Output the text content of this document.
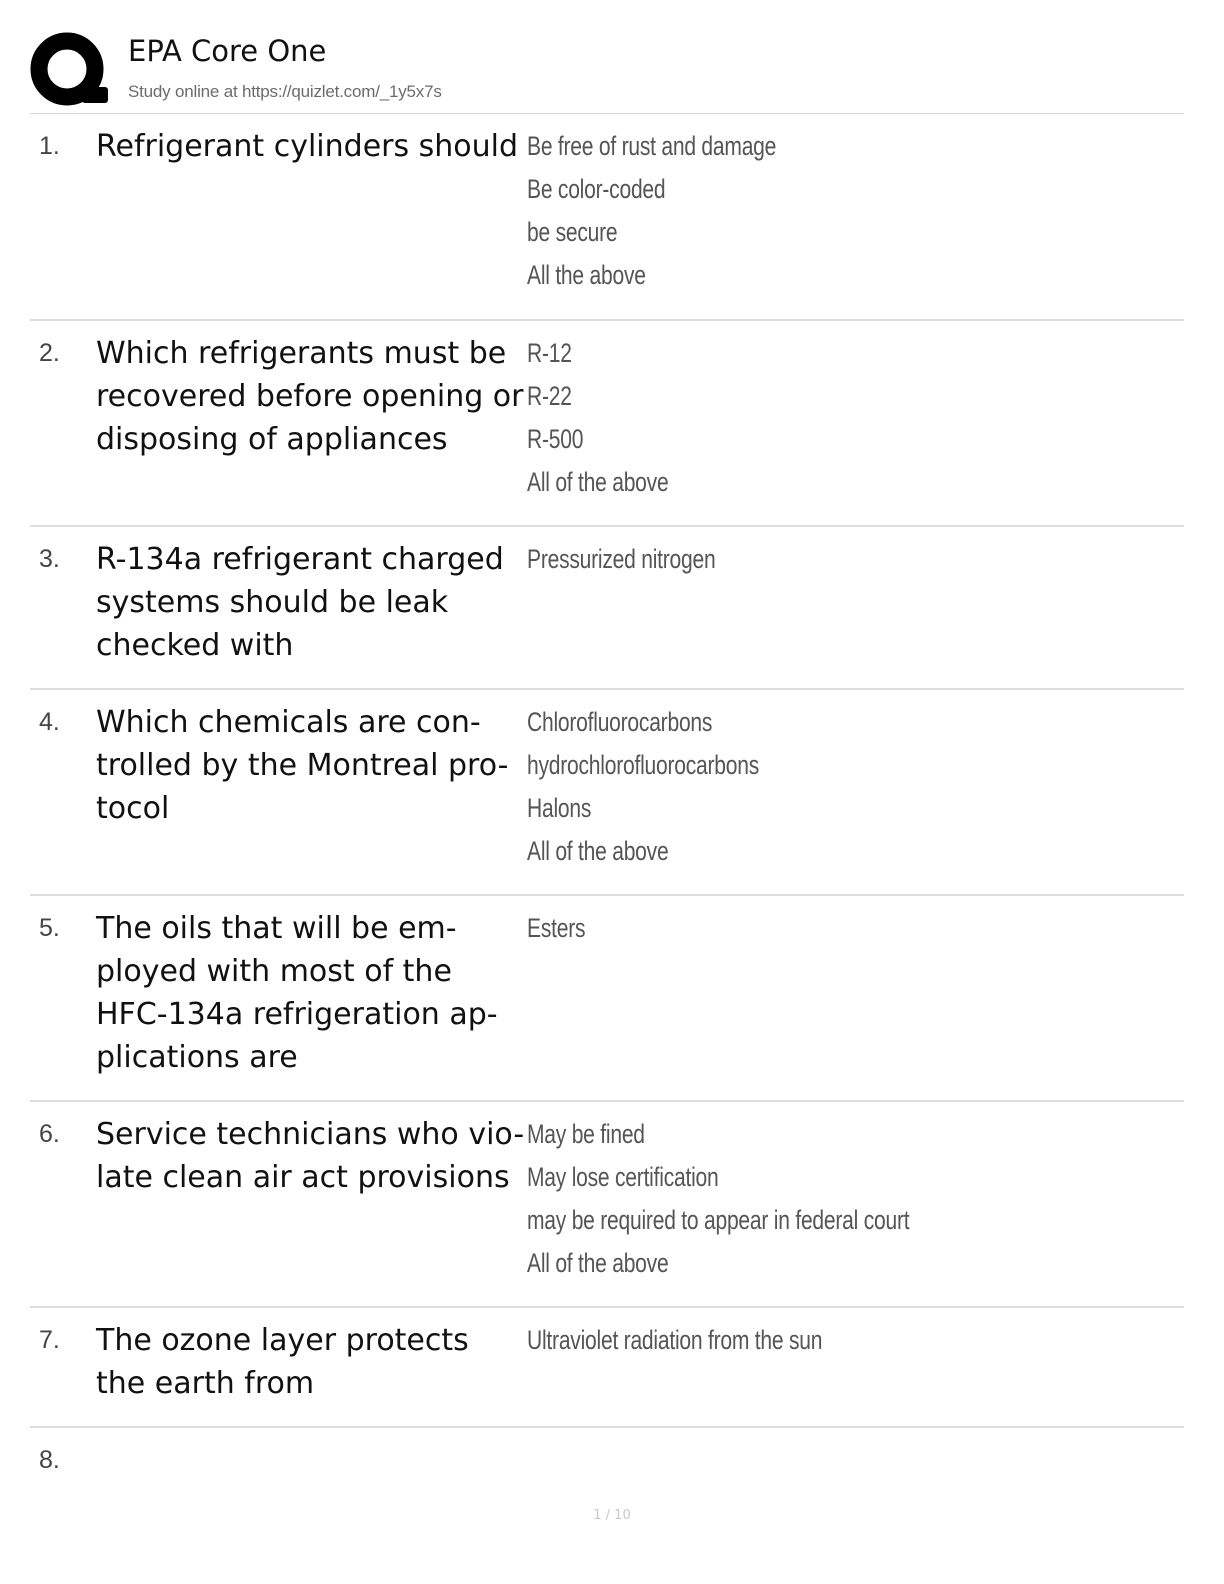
EPA Core One
Study online at https://quizlet.com/_1y5x7s
1. Refrigerant cylinders should Be free of rust and damage
Be color-coded
be secure
All the above
2. Which refrigerants must be recovered before opening or disposing of appliances
R-12
R-22
R-500
All of the above
3. R-134a refrigerant charged systems should be leak checked with
Pressurized nitrogen
4. Which chemicals are con-trolled by the Montreal pro-tocol
Chlorofluorocarbons
hydrochlorofluorocarbons
Halons
All of the above
5. The oils that will be em-ployed with most of the HFC-134a refrigeration ap-plications are
Esters
6. Service technicians who vio-late clean air act provisions
May be fined
May lose certification
may be required to appear in federal court
All of the above
7. The ozone layer protects the earth from
Ultraviolet radiation from the sun
8.
1 / 10
